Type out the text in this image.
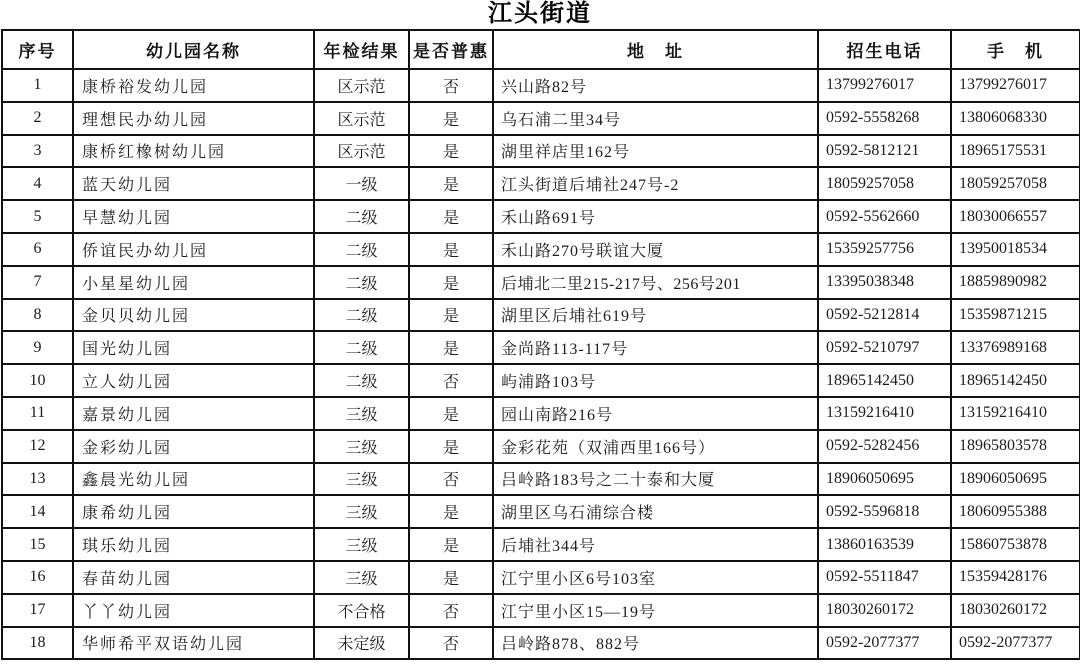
江头街道
序号	幼儿园名称	年检结果	是否普惠	地　址	招生电话	手　机
1	康桥裕发幼儿园	区示范	否	兴山路82号	13799276017	13799276017
2	理想民办幼儿园	区示范	是	乌石浦二里34号	0592-5558268	13806068330
3	康桥红橡树幼儿园	区示范	是	湖里祥店里162号	0592-5812121	18965175531
4	蓝天幼儿园	一级	是	江头街道后埔社247号-2	18059257058	18059257058
5	早慧幼儿园	二级	是	禾山路691号	0592-5562660	18030066557
6	侨谊民办幼儿园	二级	是	禾山路270号联谊大厦	15359257756	13950018534
7	小星星幼儿园	二级	是	后埔北二里215-217号、256号201	13395038348	18859890982
8	金贝贝幼儿园	二级	是	湖里区后埔社619号	0592-5212814	15359871215
9	国光幼儿园	二级	是	金尚路113-117号	0592-5210797	13376989168
10	立人幼儿园	二级	否	屿浦路103号	18965142450	18965142450
11	嘉景幼儿园	三级	是	园山南路216号	13159216410	13159216410
12	金彩幼儿园	三级	是	金彩花苑（双浦西里166号）	0592-5282456	18965803578
13	鑫晨光幼儿园	三级	否	吕岭路183号之二十泰和大厦	18906050695	18906050695
14	康希幼儿园	三级	是	湖里区乌石浦综合楼	0592-5596818	18060955388
15	琪乐幼儿园	三级	是	后埔社344号	13860163539	15860753878
16	春苗幼儿园	三级	是	江宁里小区6号103室	0592-5511847	15359428176
17	丫丫幼儿园	不合格	否	江宁里小区15—19号	18030260172	18030260172
18	华师希平双语幼儿园	未定级	否	吕岭路878、882号	0592-2077377	0592-2077377
